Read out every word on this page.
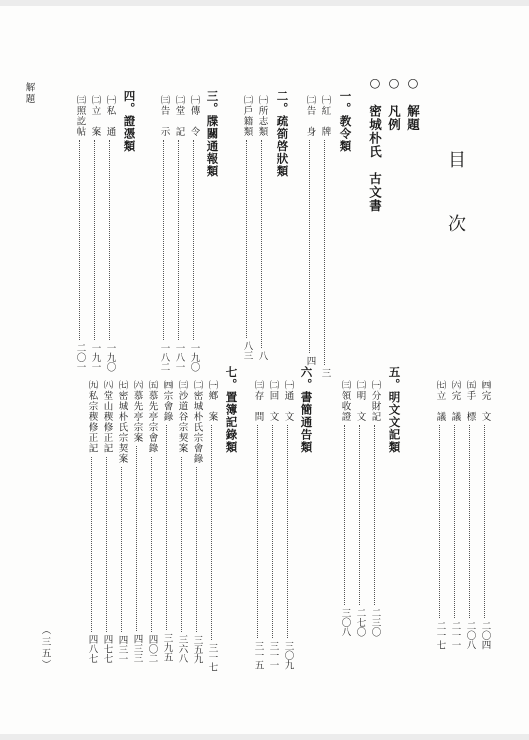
目　次
○　解題
○　凡例
○　密城朴氏　古文書
一。教令類
㈠紅　牌三
㈡告　身四
二。疏箚啓狀類
㈠所志類八
㈡戶籍類八三
三。牒關通報類
㈠傳　令一九〇
㈡堂　記一八一
㈢告　示一八二
四。證憑類
㈠私　通一九〇
㈡立　案一九一
㈢照訖帖二〇一
解題
五。明文文記類
㈠分財記二三〇
㈡明　文二七〇
㈢領收證三〇八
㈣完　文二〇四
㈤手　標二〇八
㈥完　議二一一
㈦立　議二一七
六。書簡通告類
㈠通　文三〇九
㈡回　文三一一
㈢存　問三一五
七。置簿記錄類
㈠鄕　案三一七
㈡密城朴氏宗會錄三五九
㈢沙道谷宗契案三六八
㈣宗會錄三九五
㈤慕先亭宗會錄四〇二
㈥慕先亭宗案四三三
㈦密城朴氏宗契案四三一
㈧堂山稧修正記四七七
㈨私宗稧修正記四八七
（三五）
